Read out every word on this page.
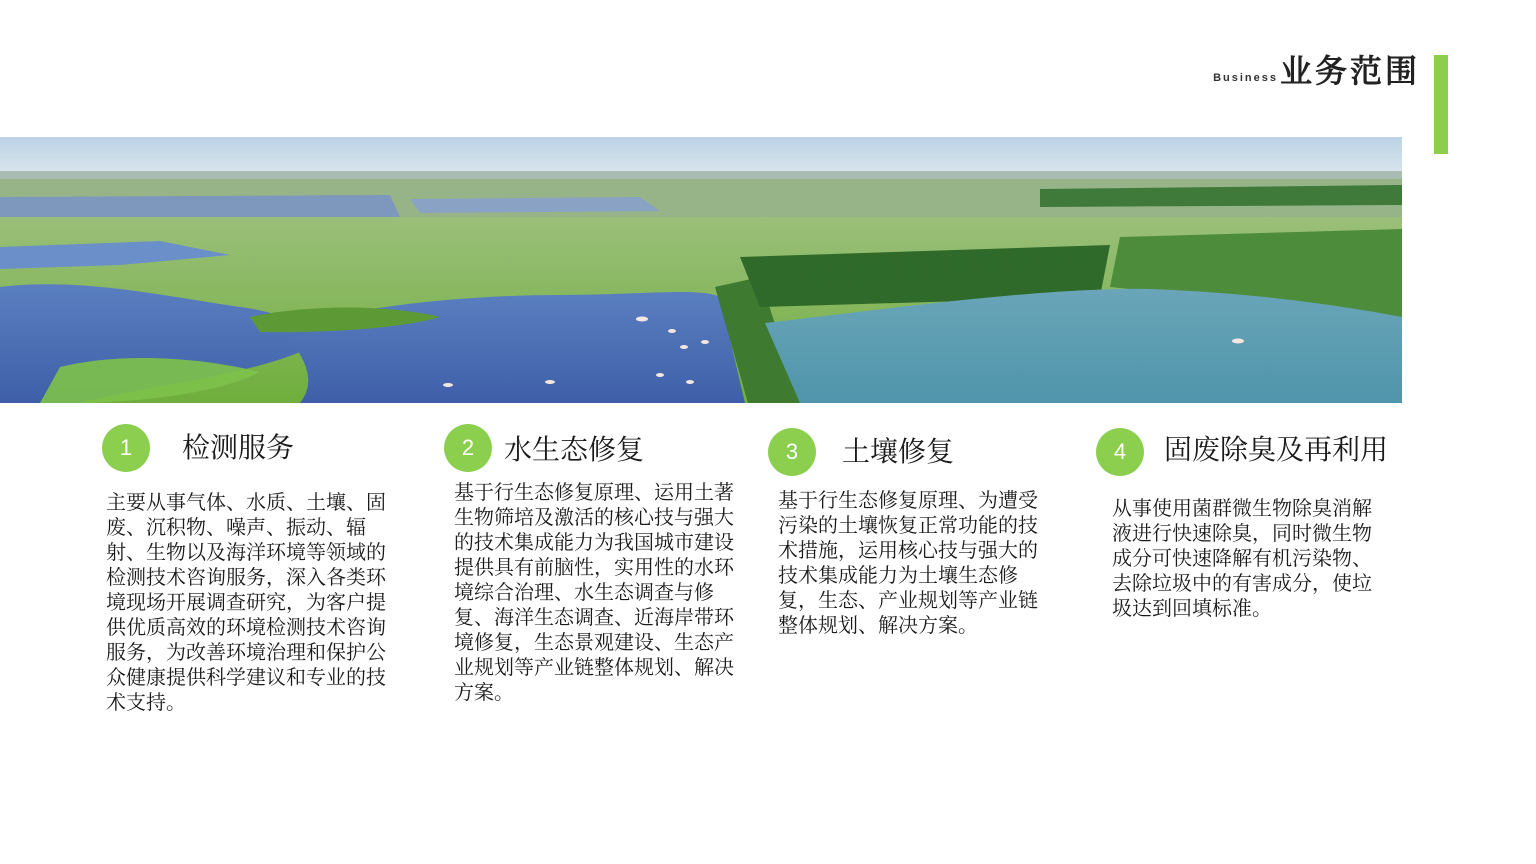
Business 业务范围
1	检测服务
主要从事气体、水质、土壤、固废、沉积物、噪声、振动、辐射、生物以及海洋环境等领域的检测技术咨询服务，深入各类环境现场开展调查研究，为客户提供优质高效的环境检测技术咨询服务，为改善环境治理和保护公众健康提供科学建议和专业的技术支持。
2	水生态修复
基于行生态修复原理、运用土著生物筛培及激活的核心技与强大的技术集成能力为我国城市建设提供具有前脑性，实用性的水环境综合治理、水生态调查与修复、海洋生态调查、近海岸带环境修复，生态景观建设、生态产业规划等产业链整体规划、解决方案。
3	土壤修复
基于行生态修复原理、为遭受污染的土壤恢复正常功能的技术措施，运用核心技与强大的技术集成能力为土壤生态修复，生态、产业规划等产业链整体规划、解决方案。
4	固废除臭及再利用
从事使用菌群微生物除臭消解液进行快速除臭，同时微生物成分可快速降解有机污染物、去除垃圾中的有害成分，使垃圾达到回填标准。
